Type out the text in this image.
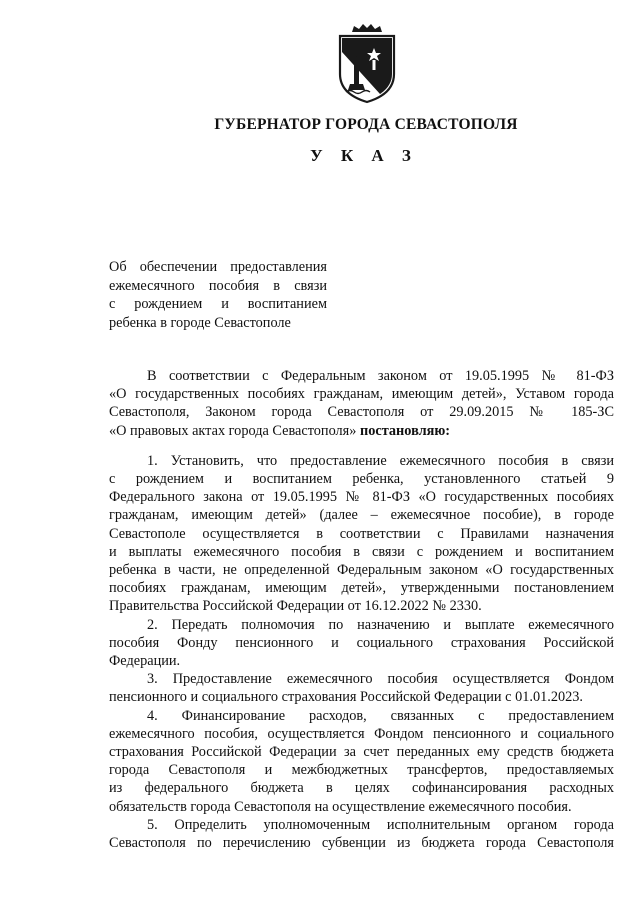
ГУБЕРНАТОР ГОРОДА СЕВАСТОПОЛЯ
У К А З
Об обеспечении предоставления
ежемесячного пособия в связи
с рождением и воспитанием
ребенка в городе Севастополе
В соответствии с Федеральным законом от 19.05.1995 № 81-ФЗ
«О государственных пособиях гражданам, имеющим детей», Уставом города
Севастополя, Законом города Севастополя от 29.09.2015 № 185-ЗС
«О правовых актах города Севастополя» постановляю:
1. Установить, что предоставление ежемесячного пособия в связи
с рождением и воспитанием ребенка, установленного статьей 9
Федерального закона от 19.05.1995 № 81-ФЗ «О государственных пособиях
гражданам, имеющим детей» (далее – ежемесячное пособие), в городе
Севастополе осуществляется в соответствии с Правилами назначения
и выплаты ежемесячного пособия в связи с рождением и воспитанием
ребенка в части, не определенной Федеральным законом «О государственных
пособиях гражданам, имеющим детей», утвержденными постановлением
Правительства Российской Федерации от 16.12.2022 № 2330.
2. Передать полномочия по назначению и выплате ежемесячного
пособия Фонду пенсионного и социального страхования Российской
Федерации.
3. Предоставление ежемесячного пособия осуществляется Фондом
пенсионного и социального страхования Российской Федерации с 01.01.2023.
4. Финансирование расходов, связанных с предоставлением
ежемесячного пособия, осуществляется Фондом пенсионного и социального
страхования Российской Федерации за счет переданных ему средств бюджета
города Севастополя и межбюджетных трансфертов, предоставляемых
из федерального бюджета в целях софинансирования расходных
обязательств города Севастополя на осуществление ежемесячного пособия.
5. Определить уполномоченным исполнительным органом города
Севастополя по перечислению субвенции из бюджета города Севастополя
